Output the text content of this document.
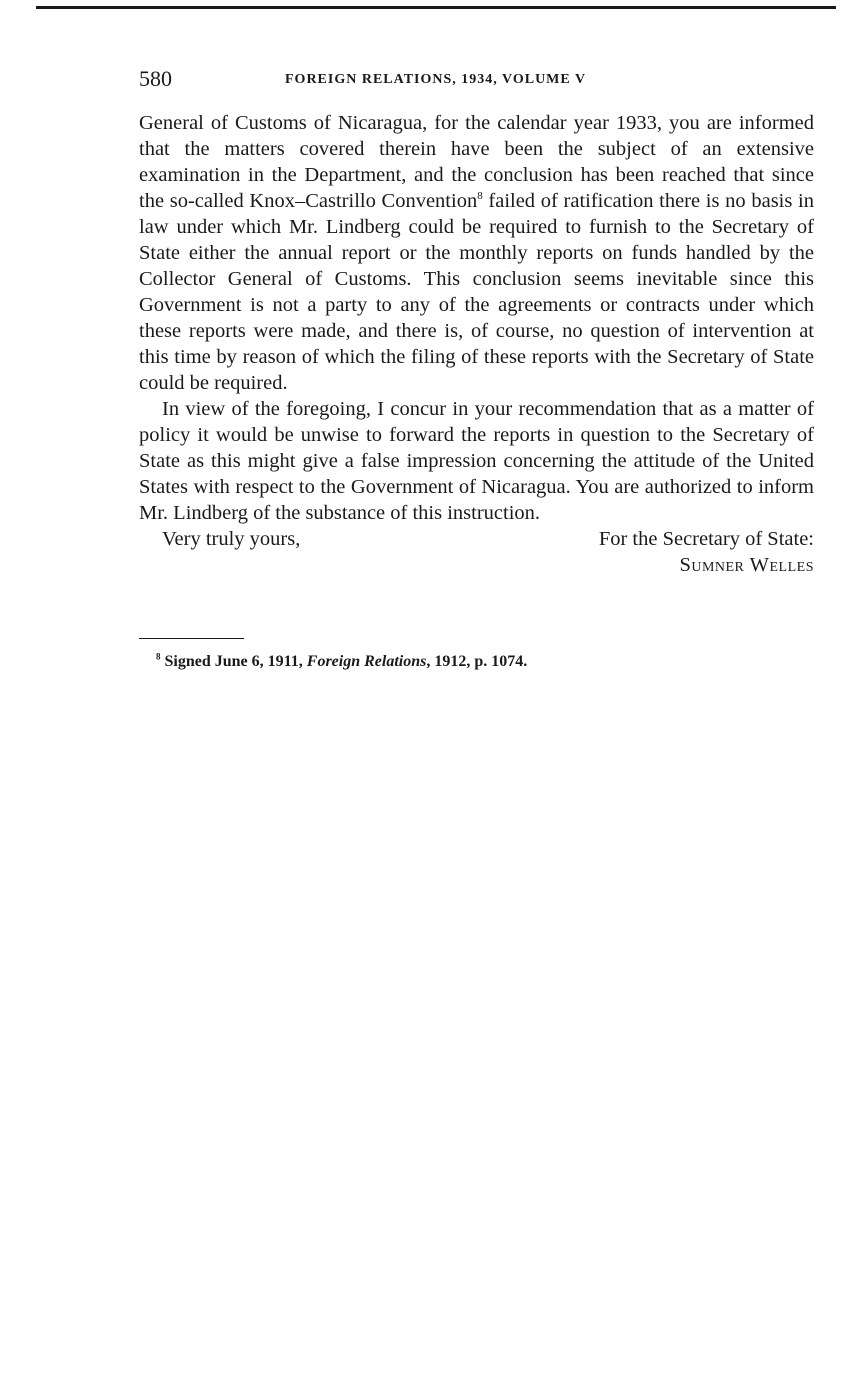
580	FOREIGN RELATIONS, 1934, VOLUME V

General of Customs of Nicaragua, for the calendar year 1933, you are informed that the matters covered therein have been the subject of an extensive examination in the Department, and the conclusion has been reached that since the so-called Knox–Castrillo Convention$^8$ failed of ratification there is no basis in law under which Mr. Lindberg could be required to furnish to the Secretary of State either the annual report or the monthly reports on funds handled by the Collector General of Customs. This conclusion seems inevitable since this Government is not a party to any of the agreements or contracts under which these reports were made, and there is, of course, no question of intervention at this time by reason of which the filing of these reports with the Secretary of State could be required.

In view of the foregoing, I concur in your recommendation that as a matter of policy it would be unwise to forward the reports in question to the Secretary of State as this might give a false impression concerning the attitude of the United States with respect to the Government of Nicaragua. You are authorized to inform Mr. Lindberg of the substance of this instruction.

Very truly yours,	For the Secretary of State:
Sumner Welles
$^8$ Signed June 6, 1911, Foreign Relations, 1912, p. 1074.
